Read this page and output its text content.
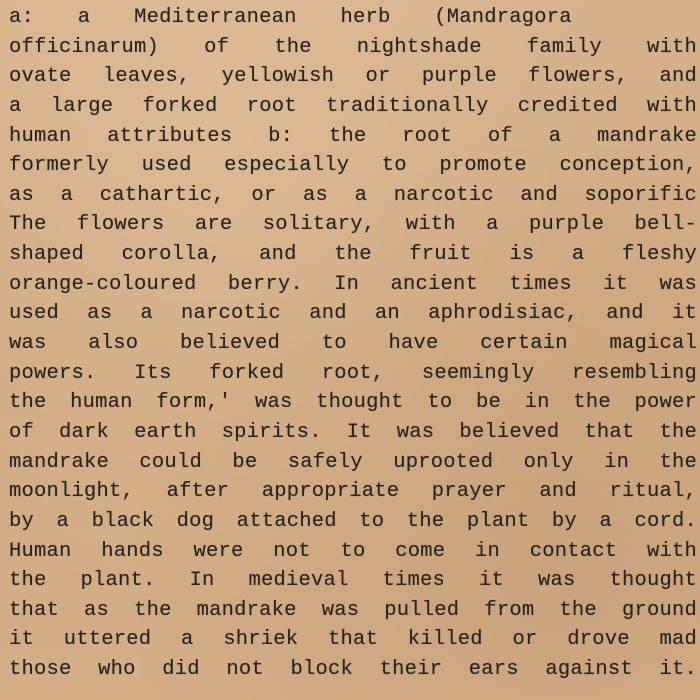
a: a Mediterranean herb (Mandragora
officinarum) of the nightshade family with
ovate leaves, yellowish or purple flowers, and
a large forked root traditionally credited with
human attributes b: the root of a mandrake
formerly used especially to promote conception,
as a cathartic, or as a narcotic and soporific
The flowers are solitary, with a purple bell-
shaped corolla, and the fruit is a fleshy
orange-coloured berry. In ancient times it was
used as a narcotic and an aphrodisiac, and it
was also believed to have certain magical
powers. Its forked root, seemingly resembling
the human form,' was thought to be in the power
of dark earth spirits. It was believed that the
mandrake could be safely uprooted only in the
moonlight, after appropriate prayer and ritual,
by a black dog attached to the plant by a cord.
Human hands were not to come in contact with
the plant. In medieval times it was thought
that as the mandrake was pulled from the ground
it uttered a shriek that killed or drove mad
those who did not block their ears against it.
